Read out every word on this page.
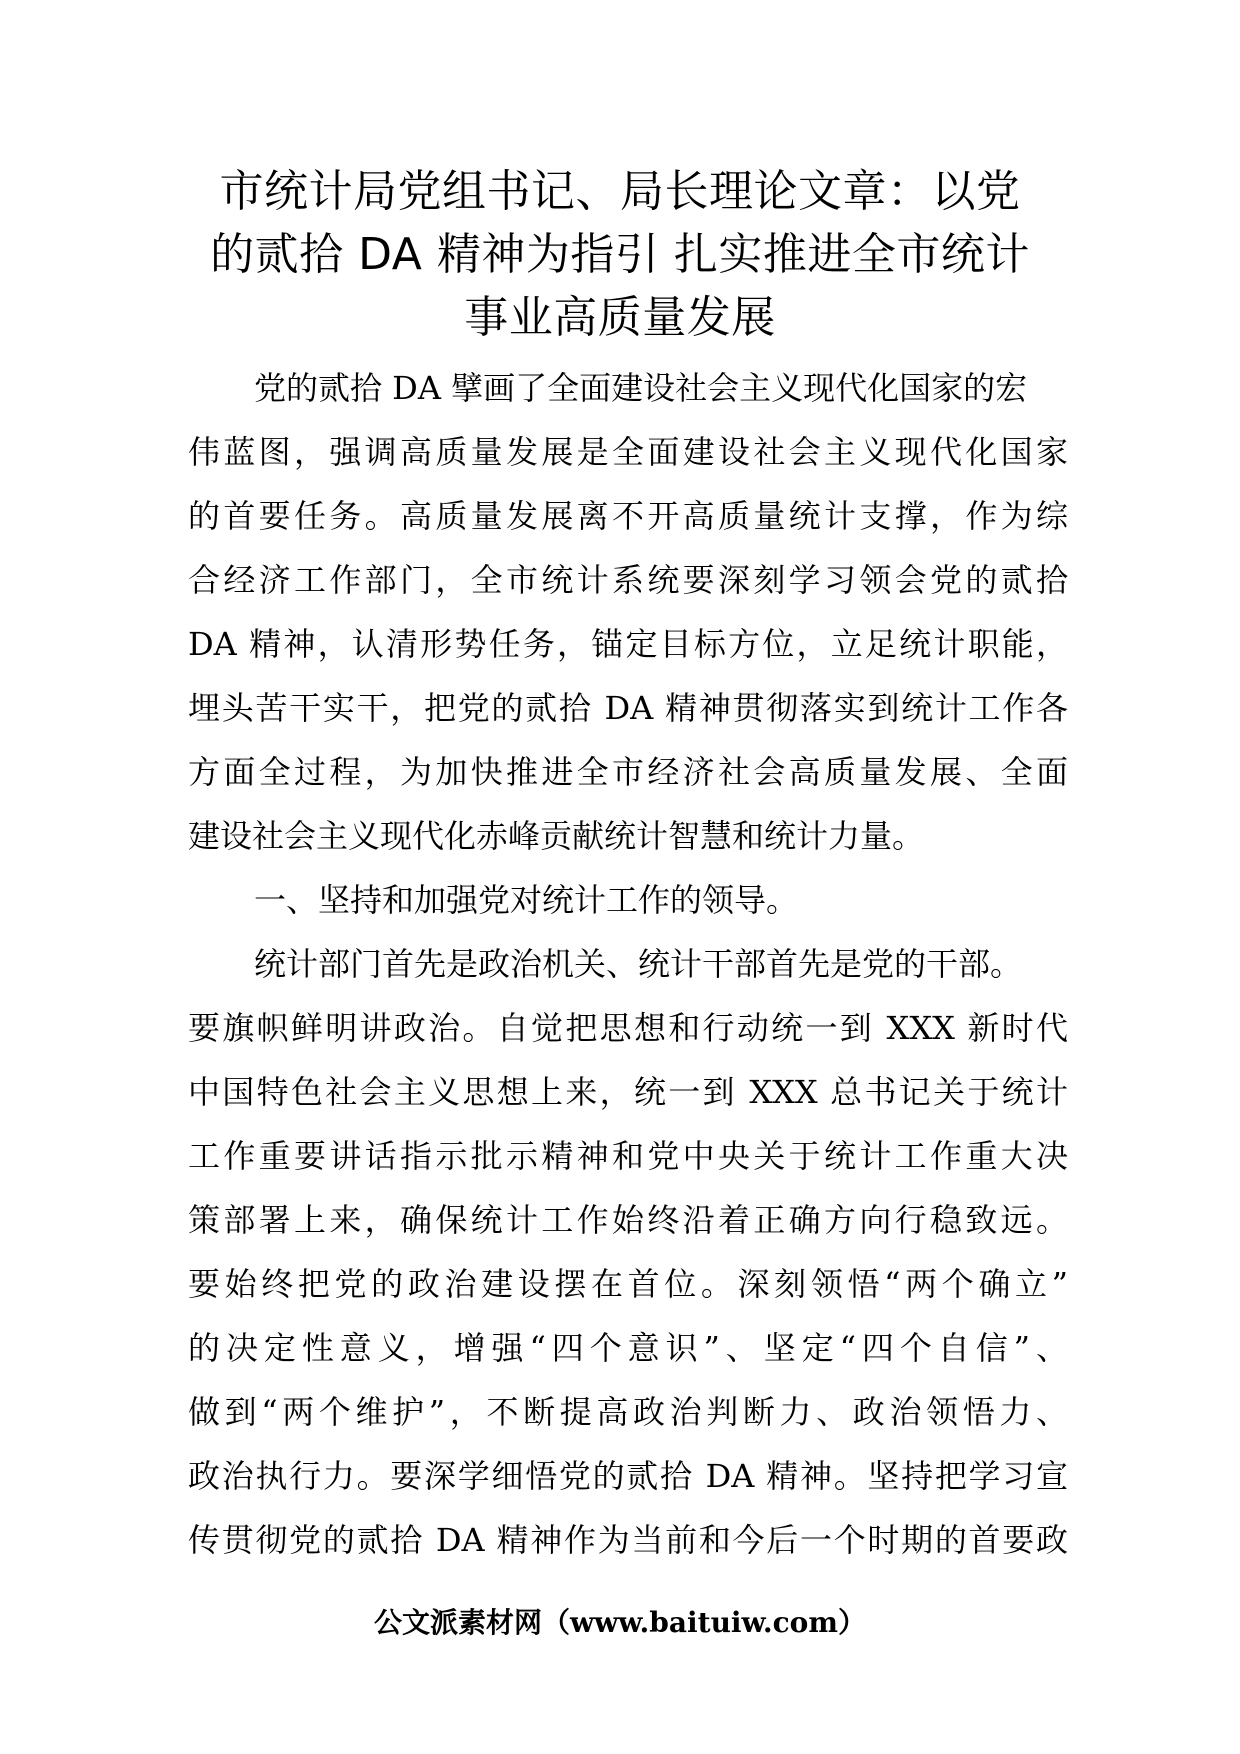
市统计局党组书记、局长理论文章：以党
的贰拾 DA 精神为指引 扎实推进全市统计
事业高质量发展
党的贰拾 DA 擘画了全面建设社会主义现代化国家的宏
伟蓝图，强调高质量发展是全面建设社会主义现代化国家
的首要任务。高质量发展离不开高质量统计支撑，作为综
合经济工作部门，全市统计系统要深刻学习领会党的贰拾
DA 精神，认清形势任务，锚定目标方位，立足统计职能，
埋头苦干实干，把党的贰拾 DA 精神贯彻落实到统计工作各
方面全过程，为加快推进全市经济社会高质量发展、全面
建设社会主义现代化赤峰贡献统计智慧和统计力量。
一、坚持和加强党对统计工作的领导。
统计部门首先是政治机关、统计干部首先是党的干部。
要旗帜鲜明讲政治。自觉把思想和行动统一到 XXX 新时代
中国特色社会主义思想上来，统一到 XXX 总书记关于统计
工作重要讲话指示批示精神和党中央关于统计工作重大决
策部署上来，确保统计工作始终沿着正确方向行稳致远。
要始终把党的政治建设摆在首位。深刻领悟“两个确立”
的决定性意义，增强“四个意识”、坚定“四个自信”、
做到“两个维护”，不断提高政治判断力、政治领悟力、
政治执行力。要深学细悟党的贰拾 DA 精神。坚持把学习宣
传贯彻党的贰拾 DA 精神作为当前和今后一个时期的首要政
公文派素材网（www.baituiw.com）
